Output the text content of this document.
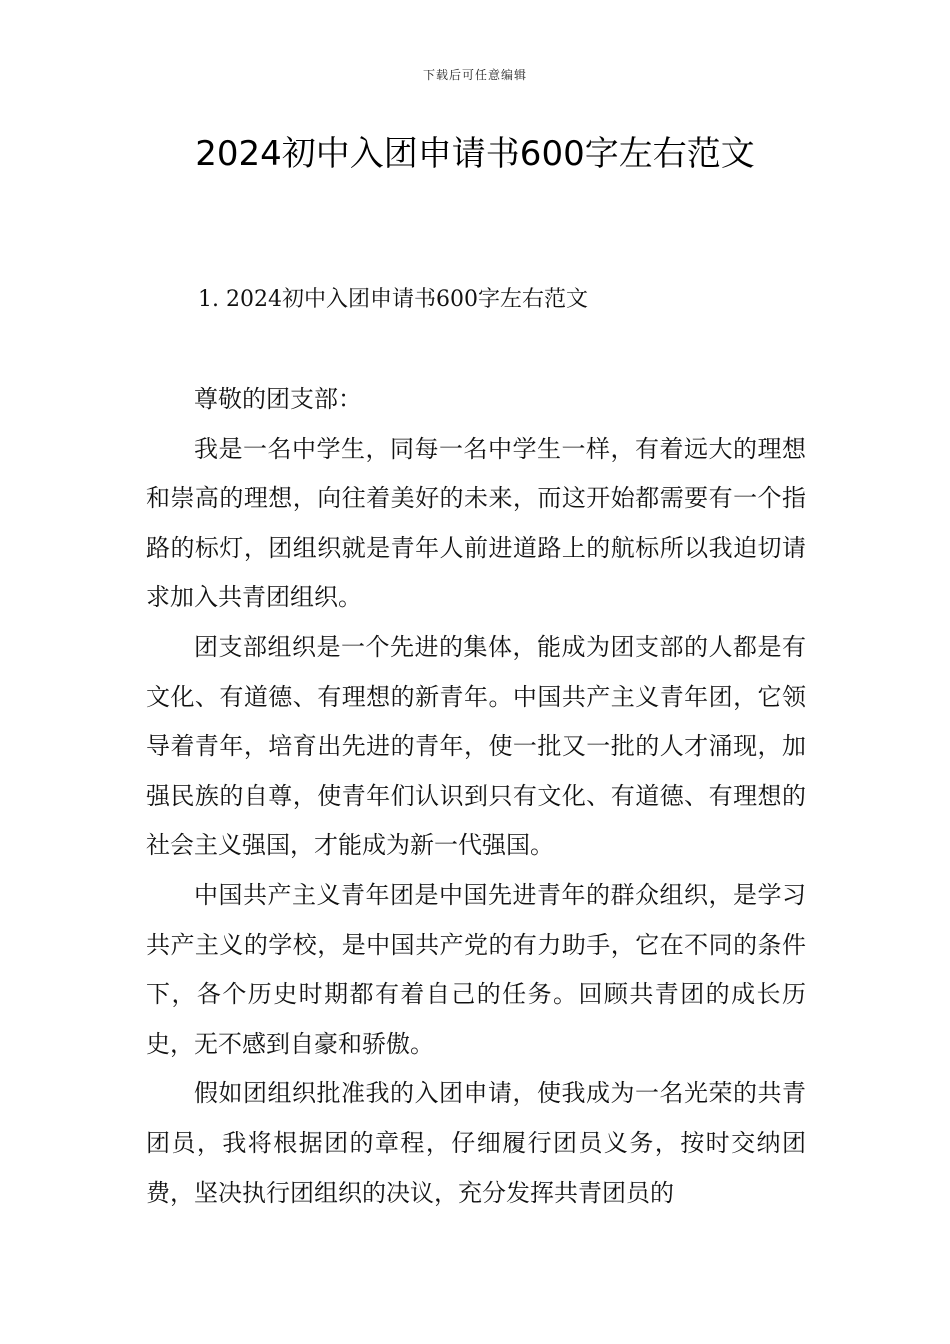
下载后可任意编辑
2024初中入团申请书600字左右范文
1. 2024初中入团申请书600字左右范文

尊敬的团支部：

我是一名中学生，同每一名中学生一样，有着远大的理想和崇高的理想，向往着美好的未来，而这开始都需要有一个指路的标灯，团组织就是青年人前进道路上的航标所以我迫切请求加入共青团组织。

团支部组织是一个先进的集体，能成为团支部的人都是有文化、有道德、有理想的新青年。中国共产主义青年团，它领导着青年，培育出先进的青年，使一批又一批的人才涌现，加强民族的自尊，使青年们认识到只有文化、有道德、有理想的社会主义强国，才能成为新一代强国。

中国共产主义青年团是中国先进青年的群众组织，是学习共产主义的学校，是中国共产党的有力助手，它在不同的条件下，各个历史时期都有着自己的任务。回顾共青团的成长历史，无不感到自豪和骄傲。

假如团组织批准我的入团申请，使我成为一名光荣的共青团员，我将根据团的章程，仔细履行团员义务，按时交纳团费，坚决执行团组织的决议，充分发挥共青团员的
